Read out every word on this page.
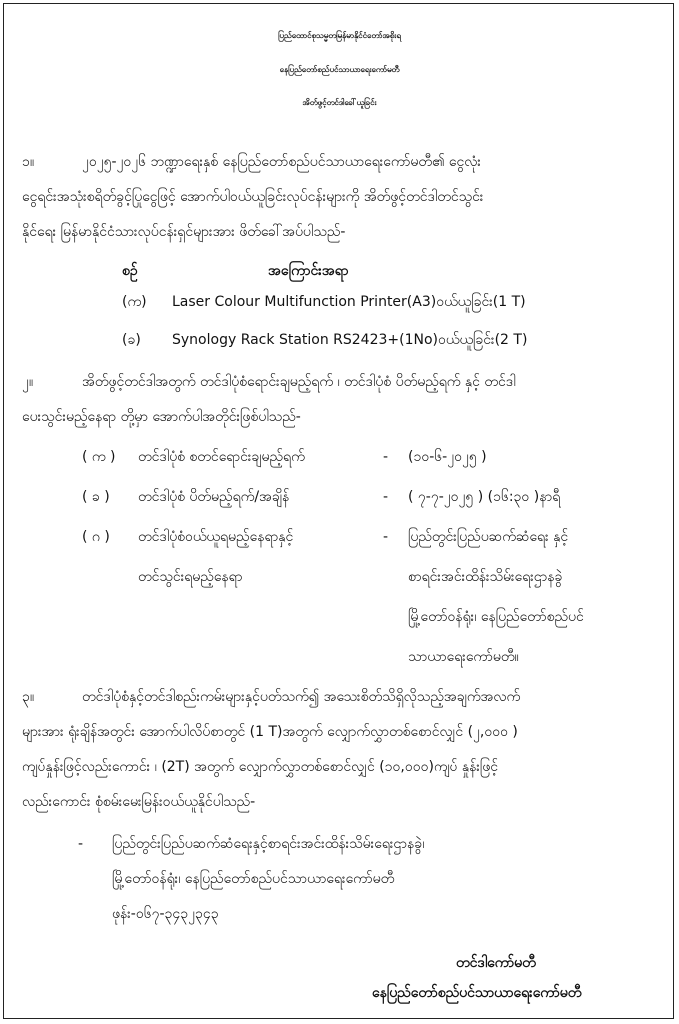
ပြည်ထောင်စုသမ္မတမြန်မာနိုင်ငံတော်အစိုးရ
နေပြည်တော်စည်ပင်သာယာရေးကော်မတီ
အိတ်ဖွင့်တင်ဒါခေါ်ယူခြင်း
၁။	၂၀၂၅-၂၀၂၆ ဘဏ္ဍာရေးနှစ် နေပြည်တော်စည်ပင်သာယာရေးကော်မတီ၏ ငွေလုံး
ငွေရင်းအသုံးစရိတ်ခွင့်ပြုငွေဖြင့် အောက်ပါဝယ်ယူခြင်းလုပ်ငန်းများကို အိတ်ဖွင့်တင်ဒါတင်သွင်း
နိုင်ရေး မြန်မာနိုင်ငံသားလုပ်ငန်းရှင်များအား ဖိတ်ခေါ်အပ်ပါသည်-
စဉ်	အကြောင်းအရာ
(က) Laser Colour Multifunction Printer(A3)ဝယ်ယူခြင်း(1 T)
(ခ) Synology Rack Station RS2423+(1No)ဝယ်ယူခြင်း(2 T)
၂။	အိတ်ဖွင့်တင်ဒါအတွက် တင်ဒါပုံစံရောင်းချမည့်ရက် ၊ တင်ဒါပုံစံ ပိတ်မည့်ရက် နှင့် တင်ဒါ
ပေးသွင်းမည့်နေရာ တို့မှာ အောက်ပါအတိုင်းဖြစ်ပါသည်-
( က ) တင်ဒါပုံစံ စတင်ရောင်းချမည့်ရက်	- (၁၀-၆-၂၀၂၅ )
( ခ ) တင်ဒါပုံစံ ပိတ်မည့်ရက်/အချိန်	- ( ၇-၇-၂၀၂၅ ) (၁၆:၃၀ )နာရီ
( ဂ ) တင်ဒါပုံစံဝယ်ယူရမည့်နေရာနှင့်	- ပြည်တွင်းပြည်ပဆက်ဆံရေး နှင့်
တင်သွင်းရမည့်နေရာ	စာရင်းအင်းထိန်းသိမ်းရေးဌာနခွဲ
မြို့တော်ဝန်ရုံး၊ နေပြည်တော်စည်ပင်
သာယာရေးကော်မတီ။
၃။	တင်ဒါပုံစံနှင့်တင်ဒါစည်းကမ်းများနှင့်ပတ်သက်၍ အသေးစိတ်သိရှိလိုသည့်အချက်အလက်
များအား ရုံးချိန်အတွင်း အောက်ပါလိပ်စာတွင် (1 T)အတွက် လျှောက်လွှာတစ်စောင်လျှင် (၂,၀၀၀ )
ကျပ်နှုန်းဖြင့်လည်းကောင်း ၊ (2T) အတွက် လျှောက်လွှာတစ်စောင်လျှင် (၁၀,၀၀၀)ကျပ် နှုန်းဖြင့်
လည်းကောင်း စုံစမ်းမေးမြန်းဝယ်ယူနိုင်ပါသည်-
- ပြည်တွင်းပြည်ပဆက်ဆံရေးနှင့်စာရင်းအင်းထိန်းသိမ်းရေးဌာနခွဲ၊
မြို့တော်ဝန်ရုံး၊ နေပြည်တော်စည်ပင်သာယာရေးကော်မတီ
ဖုန်း-၀၆၇-၃၄၃၂၃၄၃
တင်ဒါကော်မတီ
နေပြည်တော်စည်ပင်သာယာရေးကော်မတီ
